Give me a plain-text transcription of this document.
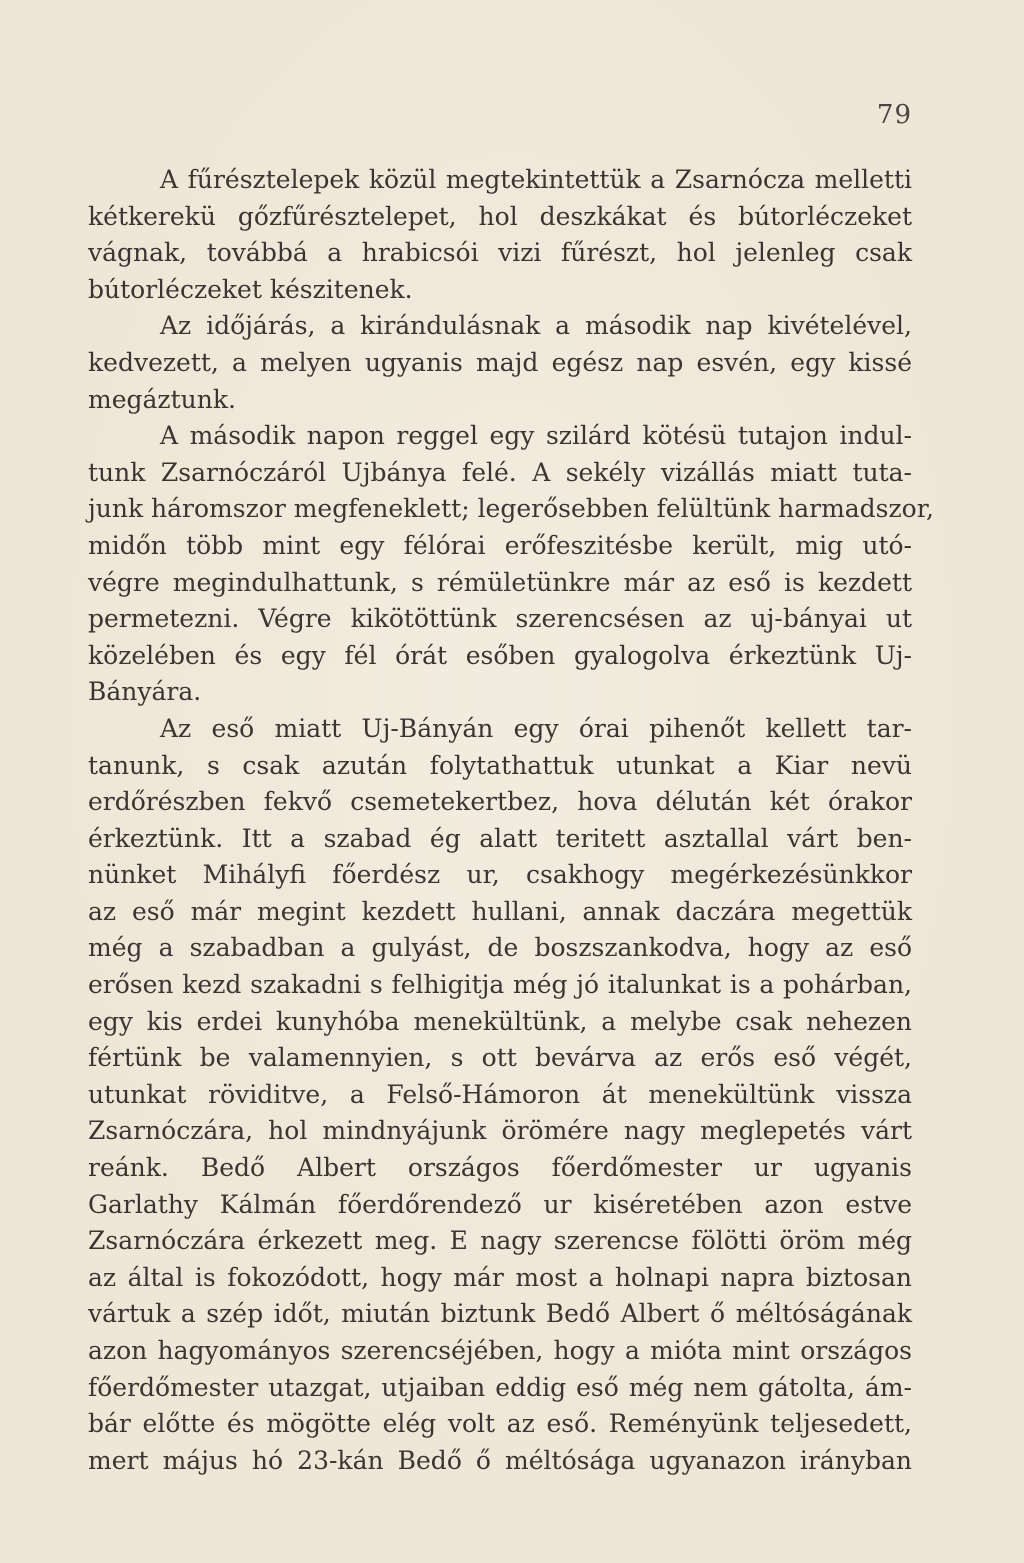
79
A fűrésztelepek közül megtekintettük a Zsarnócza melletti
kétkerekü gőzfűrésztelepet, hol deszkákat és bútorléczeket
vágnak, továbbá a hrabicsói vizi fűrészt, hol jelenleg csak
bútorléczeket készitenek.
Az időjárás, a kirándulásnak a második nap kivételével,
kedvezett, a melyen ugyanis majd egész nap esvén, egy kissé
megáztunk.
A második napon reggel egy szilárd kötésü tutajon indul-
tunk Zsarnóczáról Ujbánya felé. A sekély vizállás miatt tuta-
junk háromszor megfeneklett; legerősebben felültünk harmadszor,
midőn több mint egy félórai erőfeszitésbe került, mig utó-
végre megindulhattunk, s rémületünkre már az eső is kezdett
permetezni. Végre kikötöttünk szerencsésen az uj-bányai ut
közelében és egy fél órát esőben gyalogolva érkeztünk Uj-
Bányára.
Az eső miatt Uj-Bányán egy órai pihenőt kellett tar-
tanunk, s csak azután folytathattuk utunkat a Kiar nevü
erdőrészben fekvő csemetekertbez, hova délután két órakor
érkeztünk. Itt a szabad ég alatt teritett asztallal várt ben-
nünket Mihályfi főerdész ur, csakhogy megérkezésünkkor
az eső már megint kezdett hullani, annak daczára megettük
még a szabadban a gulyást, de boszszankodva, hogy az eső
erősen kezd szakadni s felhigitja még jó italunkat is a pohárban,
egy kis erdei kunyhóba menekültünk, a melybe csak nehezen
fértünk be valamennyien, s ott bevárva az erős eső végét,
utunkat röviditve, a Felső-Hámoron át menekültünk vissza
Zsarnóczára, hol mindnyájunk örömére nagy meglepetés várt
reánk. Bedő Albert országos főerdőmester ur ugyanis
Garlathy Kálmán főerdőrendező ur kiséretében azon estve
Zsarnóczára érkezett meg. E nagy szerencse fölötti öröm még
az által is fokozódott, hogy már most a holnapi napra biztosan
vártuk a szép időt, miután biztunk Bedő Albert ő méltóságának
azon hagyományos szerencséjében, hogy a mióta mint országos
főerdőmester utazgat, utjaiban eddig eső még nem gátolta, ám-
bár előtte és mögötte elég volt az eső. Reményünk teljesedett,
mert május hó 23-kán Bedő ő méltósága ugyanazon irányban
